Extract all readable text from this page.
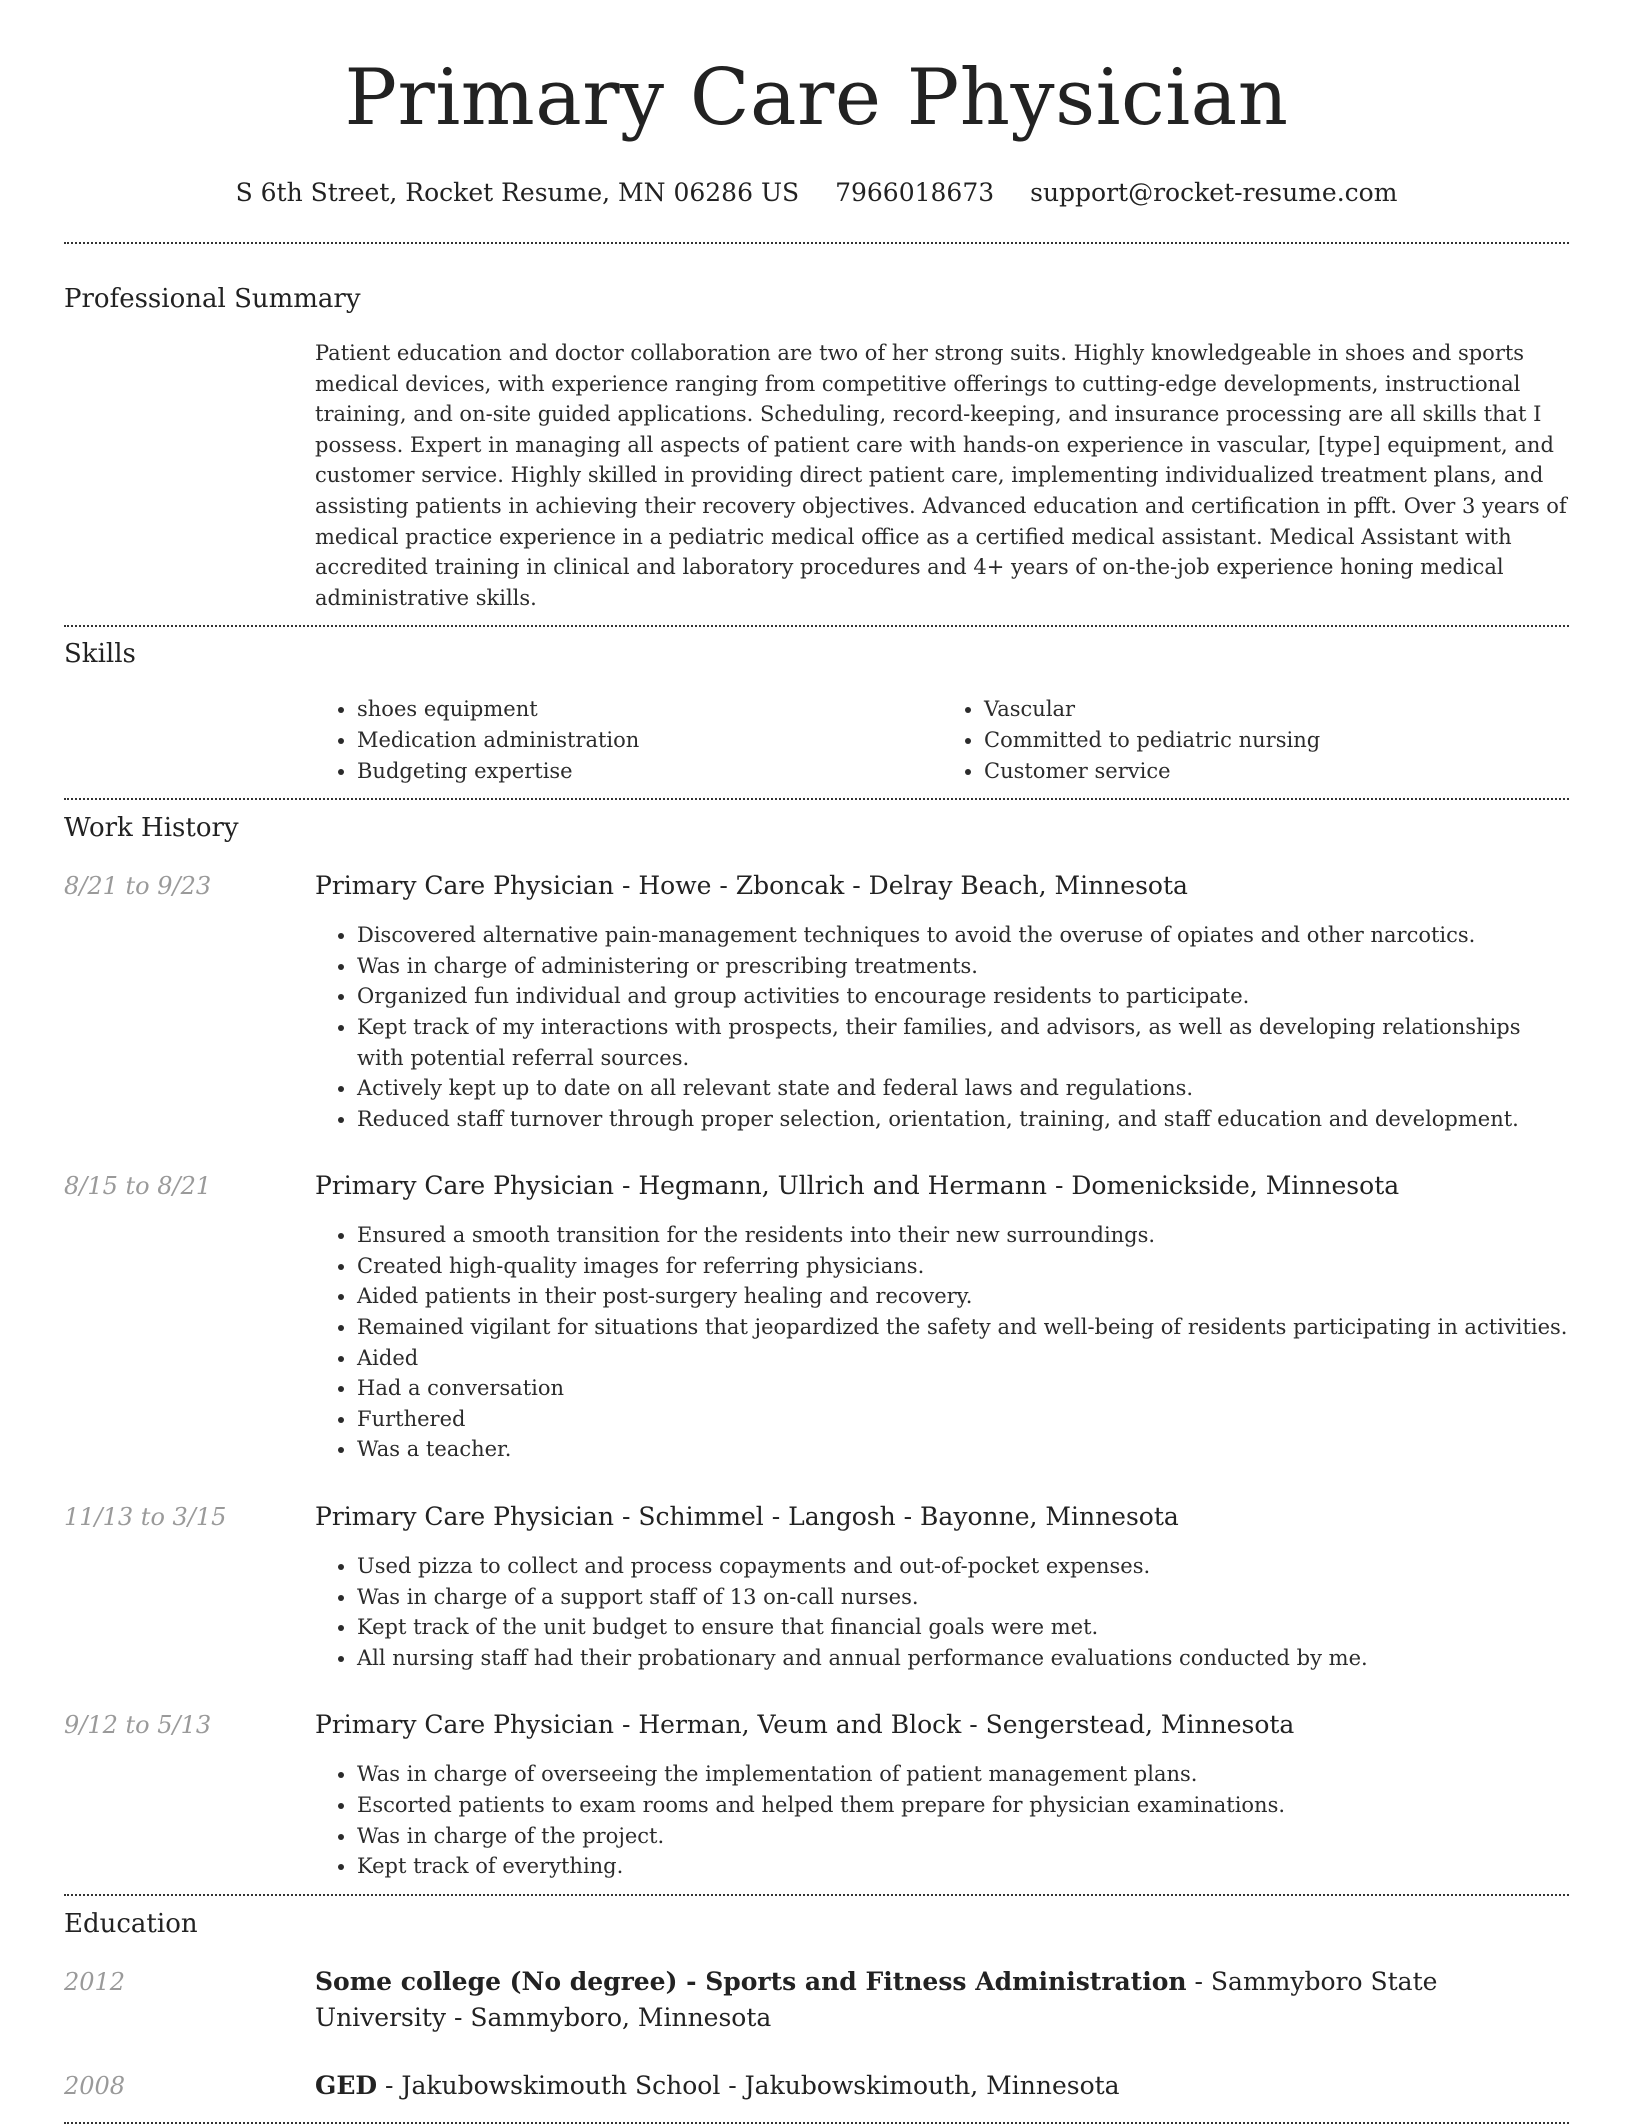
Primary Care Physician
S 6th Street, Rocket Resume, MN 06286 US 7966018673 support@rocket-resume.com
Professional Summary
Patient education and doctor collaboration are two of her strong suits. Highly knowledgeable in shoes and sports medical devices, with experience ranging from competitive offerings to cutting-edge developments, instructional training, and on-site guided applications. Scheduling, record-keeping, and insurance processing are all skills that I possess. Expert in managing all aspects of patient care with hands-on experience in vascular, [type] equipment, and customer service. Highly skilled in providing direct patient care, implementing individualized treatment plans, and assisting patients in achieving their recovery objectives. Advanced education and certification in pfft. Over 3 years of medical practice experience in a pediatric medical office as a certified medical assistant. Medical Assistant with accredited training in clinical and laboratory procedures and 4+ years of on-the-job experience honing medical administrative skills.
Skills
• shoes equipment
• Medication administration
• Budgeting expertise
• Vascular
• Committed to pediatric nursing
• Customer service
Work History
8/21 to 9/23	Primary Care Physician - Howe - Zboncak - Delray Beach, Minnesota
• Discovered alternative pain-management techniques to avoid the overuse of opiates and other narcotics.
• Was in charge of administering or prescribing treatments.
• Organized fun individual and group activities to encourage residents to participate.
• Kept track of my interactions with prospects, their families, and advisors, as well as developing relationships with potential referral sources.
• Actively kept up to date on all relevant state and federal laws and regulations.
• Reduced staff turnover through proper selection, orientation, training, and staff education and development.
8/15 to 8/21	Primary Care Physician - Hegmann, Ullrich and Hermann - Domenickside, Minnesota
• Ensured a smooth transition for the residents into their new surroundings.
• Created high-quality images for referring physicians.
• Aided patients in their post-surgery healing and recovery.
• Remained vigilant for situations that jeopardized the safety and well-being of residents participating in activities.
• Aided
• Had a conversation
• Furthered
• Was a teacher.
11/13 to 3/15	Primary Care Physician - Schimmel - Langosh - Bayonne, Minnesota
• Used pizza to collect and process copayments and out-of-pocket expenses.
• Was in charge of a support staff of 13 on-call nurses.
• Kept track of the unit budget to ensure that financial goals were met.
• All nursing staff had their probationary and annual performance evaluations conducted by me.
9/12 to 5/13	Primary Care Physician - Herman, Veum and Block - Sengerstead, Minnesota
• Was in charge of overseeing the implementation of patient management plans.
• Escorted patients to exam rooms and helped them prepare for physician examinations.
• Was in charge of the project.
• Kept track of everything.
Education
2012	Some college (No degree) - Sports and Fitness Administration - Sammyboro State University - Sammyboro, Minnesota
2008	GED - Jakubowskimouth School - Jakubowskimouth, Minnesota
